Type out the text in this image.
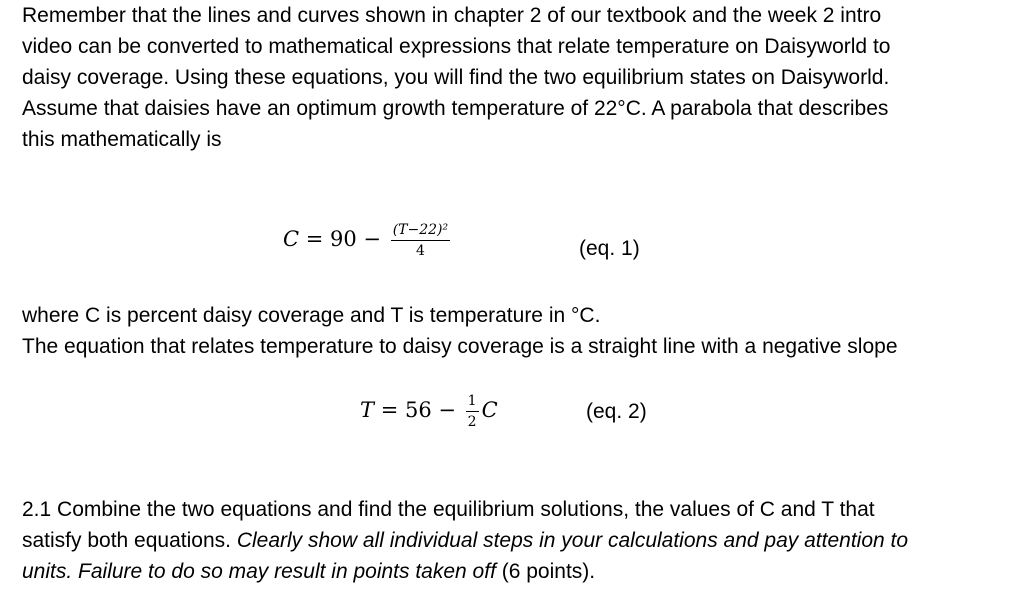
Remember that the lines and curves shown in chapter 2 of our textbook and the week 2 intro
video can be converted to mathematical expressions that relate temperature on Daisyworld to
daisy coverage. Using these equations, you will find the two equilibrium states on Daisyworld.
Assume that daisies have an optimum growth temperature of 22°C. A parabola that describes
this mathematically is

$C = 90 - \frac{\text{(T−22)²}}{4}$	(eq. 1)

where C is percent daisy coverage and T is temperature in °C.
The equation that relates temperature to daisy coverage is a straight line with a negative slope

$T = 56 - \frac{1}{2}$ C	(eq. 2)

2.1 Combine the two equations and find the equilibrium solutions, the values of C and T that
satisfy both equations. Clearly show all individual steps in your calculations and pay attention to
units. Failure to do so may result in points taken off (6 points).
